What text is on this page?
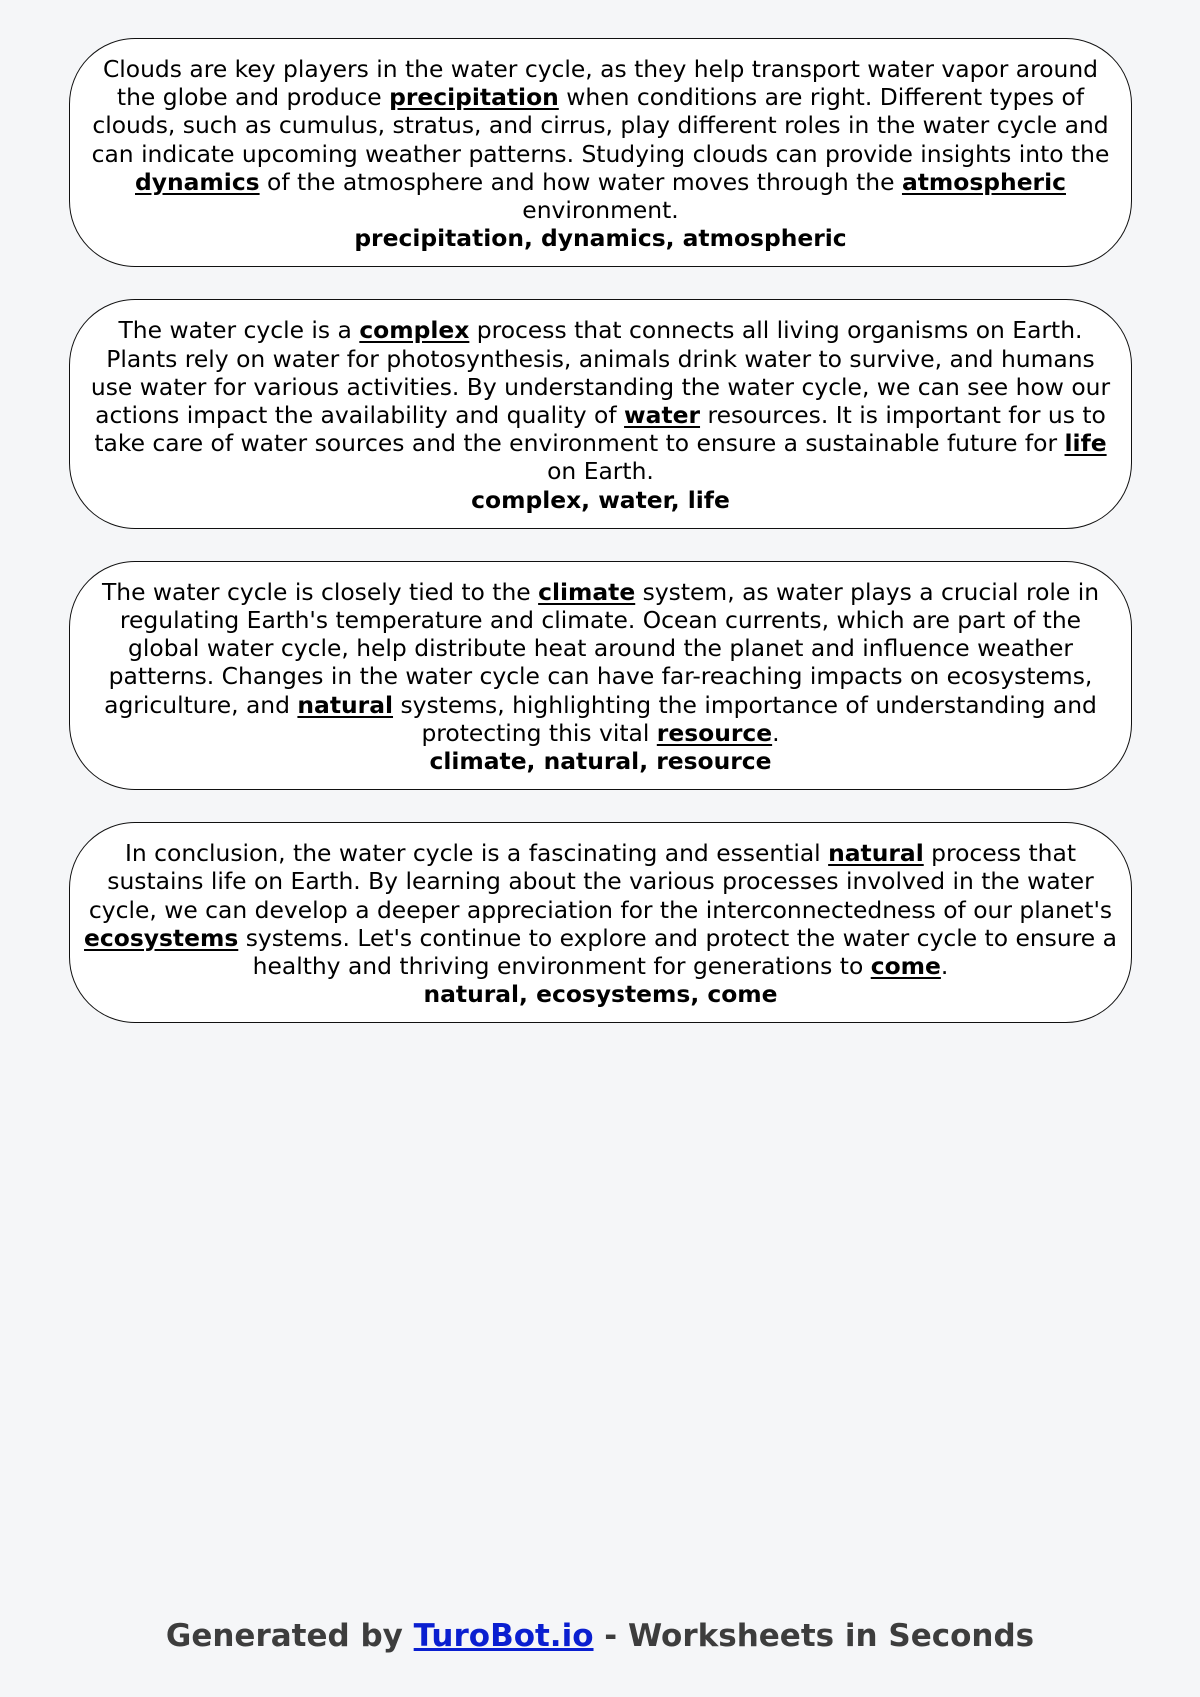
Clouds are key players in the water cycle, as they help transport water vapor around the globe and produce precipitation when conditions are right. Different types of clouds, such as cumulus, stratus, and cirrus, play different roles in the water cycle and can indicate upcoming weather patterns. Studying clouds can provide insights into the dynamics of the atmosphere and how water moves through the atmospheric environment.

precipitation, dynamics, atmospheric

The water cycle is a complex process that connects all living organisms on Earth. Plants rely on water for photosynthesis, animals drink water to survive, and humans use water for various activities. By understanding the water cycle, we can see how our actions impact the availability and quality of water resources. It is important for us to take care of water sources and the environment to ensure a sustainable future for life on Earth.

complex, water, life

The water cycle is closely tied to the climate system, as water plays a crucial role in regulating Earth's temperature and climate. Ocean currents, which are part of the global water cycle, help distribute heat around the planet and influence weather patterns. Changes in the water cycle can have far-reaching impacts on ecosystems, agriculture, and natural systems, highlighting the importance of understanding and protecting this vital resource.

climate, natural, resource

In conclusion, the water cycle is a fascinating and essential natural process that sustains life on Earth. By learning about the various processes involved in the water cycle, we can develop a deeper appreciation for the interconnectedness of our planet's ecosystems systems. Let's continue to explore and protect the water cycle to ensure a healthy and thriving environment for generations to come.

natural, ecosystems, come

Generated by TuroBot.io - Worksheets in Seconds
